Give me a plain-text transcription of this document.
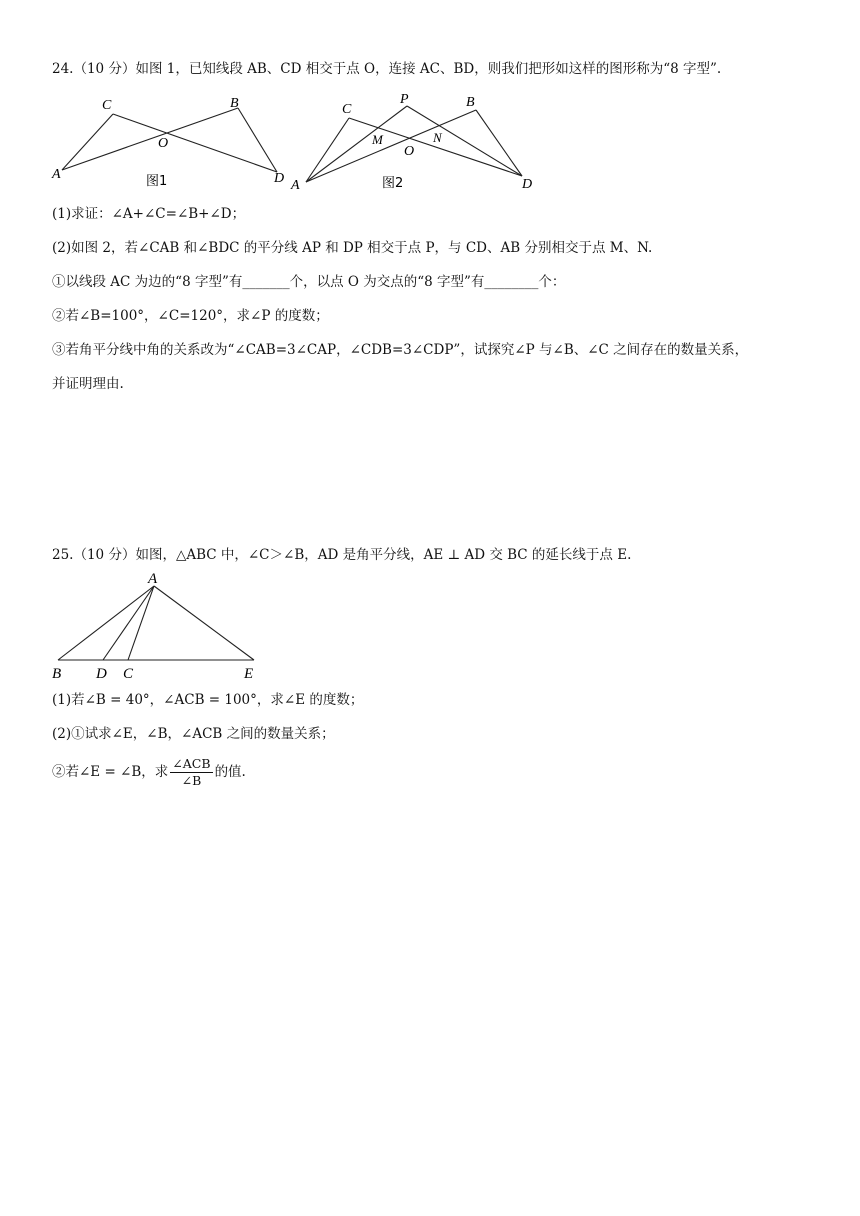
24.（10 分）如图 1，已知线段 AB、CD 相交于点 O，连接 AC、BD，则我们把形如这样的图形称为“8 字型”.
C	B
O
A	D
图1
C
P	B
M	N
O
A	D
图2
(1)求证：∠A+∠C=∠B+∠D；
(2)如图 2，若∠CAB 和∠BDC 的平分线 AP 和 DP 相交于点 P，与 CD、AB 分别相交于点 M、N.
①以线段 AC 为边的“8 字型”有_______个，以点 O 为交点的“8 字型”有________个：
②若∠B=100°，∠C=120°，求∠P 的度数；
③若角平分线中角的关系改为“∠CAB=3∠CAP，∠CDB=3∠CDP”，试探究∠P 与∠B、∠C 之间存在的数量关系，
并证明理由.
25.（10 分）如图，△ABC 中，∠C＞∠B，AD 是角平分线，AE ⊥ AD 交 BC 的延长线于点 E.
A
B D C	E
(1)若∠B = 40°，∠ACB = 100°，求∠E 的度数；
(2)①试求∠E，∠B，∠ACB 之间的数量关系；
②若∠E = ∠B，求 $\frac{\text{∠ACB}}{\angle B}$ 的值.
